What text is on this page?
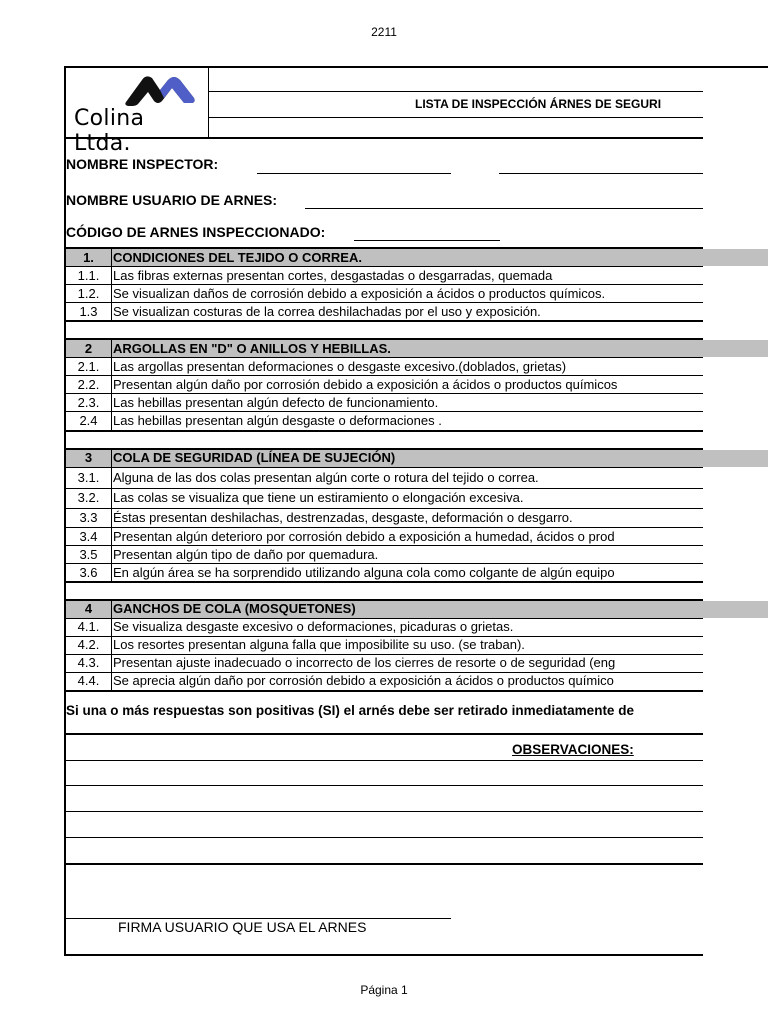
2211
Colina Ltda.
LISTA DE INSPECCIÓN ÁRNES DE SEGURI
NOMBRE INSPECTOR:
NOMBRE USUARIO DE ARNES:
CÓDIGO DE ARNES INSPECCIONADO:
1.	CONDICIONES DEL TEJIDO O CORREA.
1.1.	Las fibras externas presentan cortes, desgastadas o desgarradas, quemada
1.2.	Se visualizan daños de corrosión debido a exposición a ácidos o productos químicos.
1.3	Se visualizan costuras de la correa deshilachadas por el uso y exposición.
2	ARGOLLAS EN "D" O ANILLOS Y HEBILLAS.
2.1.	Las argollas presentan deformaciones o desgaste excesivo.(doblados, grietas)
2.2.	Presentan algún daño por corrosión debido a exposición a ácidos o productos químicos
2.3.	Las hebillas presentan algún defecto de funcionamiento.
2.4	Las hebillas presentan algún desgaste o deformaciones .
3	COLA DE SEGURIDAD (LÍNEA DE SUJECIÓN)
3.1.	Alguna de las dos colas presentan algún corte o rotura del tejido o correa.
3.2.	Las colas se visualiza que tiene un estiramiento o elongación excesiva.
3.3	Éstas presentan deshilachas, destrenzadas, desgaste, deformación o desgarro.
3.4	Presentan algún deterioro por corrosión debido a exposición a humedad, ácidos o prod
3.5	Presentan algún tipo de daño por quemadura.
3.6	En algún área se ha sorprendido utilizando alguna cola como colgante de algún equipo
4	GANCHOS DE COLA (MOSQUETONES)
4.1.	Se visualiza desgaste excesivo o deformaciones, picaduras o grietas.
4.2.	Los resortes presentan alguna falla que imposibilite su uso. (se traban).
4.3.	Presentan ajuste inadecuado o incorrecto de los cierres de resorte o de seguridad (eng
4.4.	Se aprecia algún daño por corrosión debido a exposición a ácidos o productos químico
Si una o más respuestas son positivas (SI) el arnés debe ser retirado inmediatamente de
OBSERVACIONES:
FIRMA USUARIO QUE USA EL ARNES
Página 1
